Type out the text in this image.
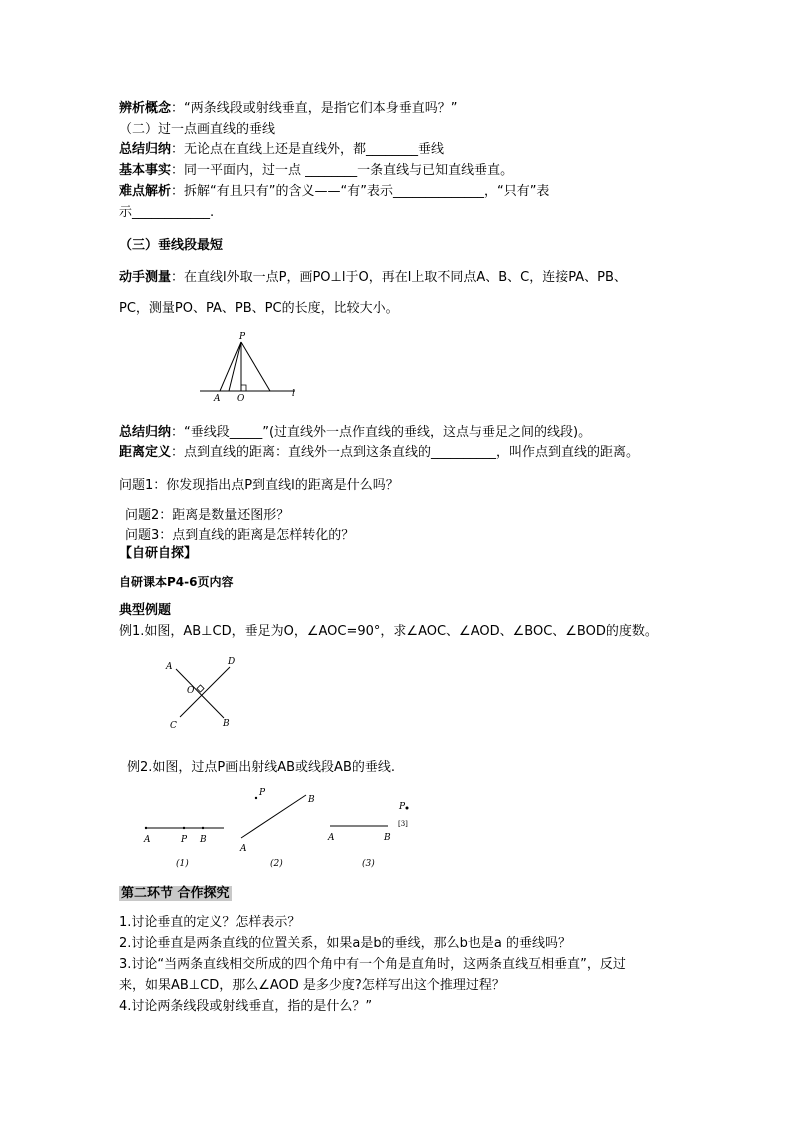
辨析概念：“两条线段或射线垂直，是指它们本身垂直吗？”
（二）过一点画直线的垂线
总结归纳：无论点在直线上还是直线外，都________垂线
基本事实：同一平面内，过一点 ________一条直线与已知直线垂直。
难点解析：拆解“有且只有”的含义——“有”表示______________，“只有”表
示____________.
（三）垂线段最短
动手测量：在直线l外取一点P，画PO⊥l于O，再在l上取不同点A、B、C，连接PA、PB、
PC，测量PO、PA、PB、PC的长度，比较大小。
P
A O	l
总结归纳：“垂线段_____”(过直线外一点作直线的垂线，这点与垂足之间的线段)。
距离定义：点到直线的距离：直线外一点到这条直线的__________，叫作点到直线的距离。
问题1：你发现指出点P到直线l的距离是什么吗？
问题2：距离是数量还图形？
问题3：点到直线的距离是怎样转化的？
【自研自探】
自研课本P4-6页内容
典型例题
例1.如图，AB⊥CD，垂足为O，∠AOC=90°，求∠AOC、∠AOD、∠BOC、∠BOD的度数。
A	D
O
C	B
例2.如图，过点P画出射线AB或线段AB的垂线.
A	P B
(1)
P
A
B
(2)
P
[3]
A	B
(3)
第二环节 合作探究
1.讨论垂直的定义？怎样表示？
2.讨论垂直是两条直线的位置关系，如果a是b的垂线，那么b也是a 的垂线吗？
3.讨论“当两条直线相交所成的四个角中有一个角是直角时，这两条直线互相垂直”，反过
来，如果AB⊥CD，那么∠AOD 是多少度?怎样写出这个推理过程？
4.讨论两条线段或射线垂直，指的是什么？”
